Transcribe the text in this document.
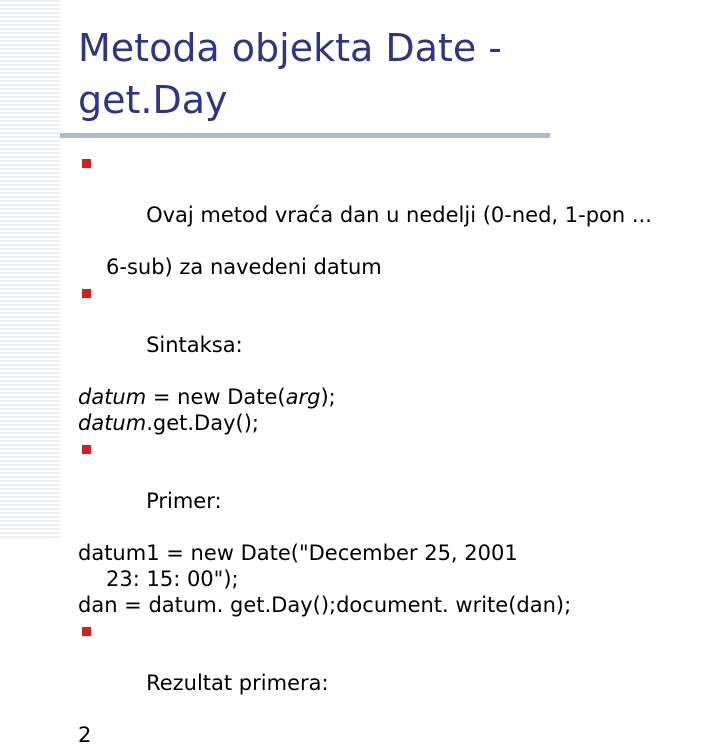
Metoda objekta Date -
get.Day

Ovaj metod vraća dan u nedelji (0-ned, 1-pon ...

6-sub) za navedeni datum

Sintaksa:

datum = new Date(arg);
datum.get.Day();

Primer:

datum1 = new Date("December 25, 2001
23: 15: 00");
dan = datum. get.Day();document. write(dan);

Rezultat primera:

2
